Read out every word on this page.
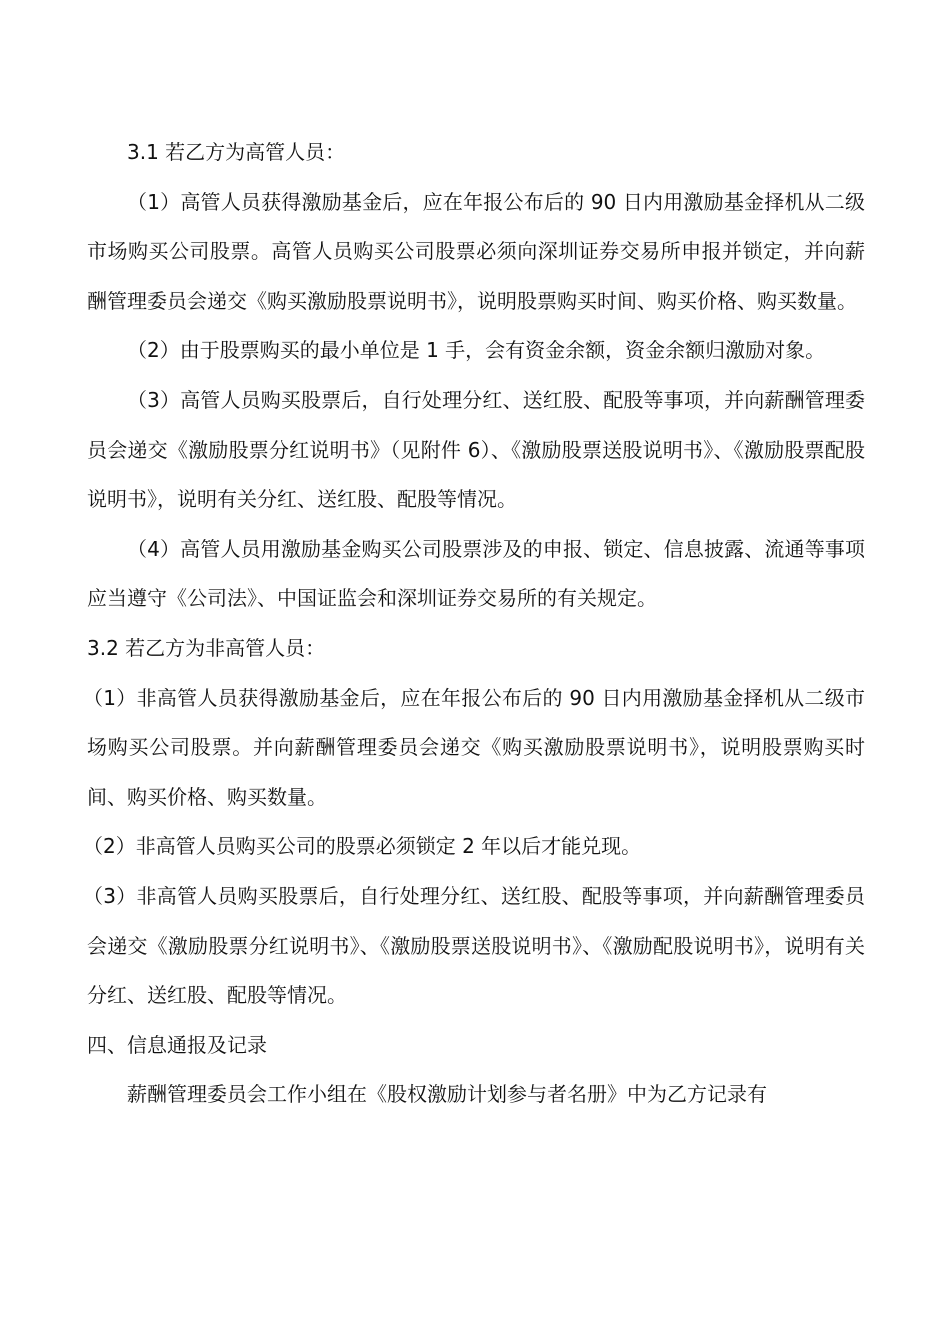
3.1 若乙方为高管人员：

（1）高管人员获得激励基金后，应在年报公布后的 90 日内用激励基金择机从二级市场购买公司股票。高管人员购买公司股票必须向深圳证券交易所申报并锁定，并向薪酬管理委员会递交《购买激励股票说明书》，说明股票购买时间、购买价格、购买数量。

（2）由于股票购买的最小单位是 1 手，会有资金余额，资金余额归激励对象。

（3）高管人员购买股票后，自行处理分红、送红股、配股等事项，并向薪酬管理委员会递交《激励股票分红说明书》（见附件 6）、《激励股票送股说明书》、《激励股票配股说明书》，说明有关分红、送红股、配股等情况。

（4）高管人员用激励基金购买公司股票涉及的申报、锁定、信息披露、流通等事项应当遵守《公司法》、中国证监会和深圳证券交易所的有关规定。

3.2 若乙方为非高管人员：

（1）非高管人员获得激励基金后，应在年报公布后的 90 日内用激励基金择机从二级市场购买公司股票。并向薪酬管理委员会递交《购买激励股票说明书》，说明股票购买时间、购买价格、购买数量。

（2）非高管人员购买公司的股票必须锁定 2 年以后才能兑现。

（3）非高管人员购买股票后，自行处理分红、送红股、配股等事项，并向薪酬管理委员会递交《激励股票分红说明书》、《激励股票送股说明书》、《激励配股说明书》，说明有关分红、送红股、配股等情况。

四、信息通报及记录

薪酬管理委员会工作小组在《股权激励计划参与者名册》中为乙方记录有
